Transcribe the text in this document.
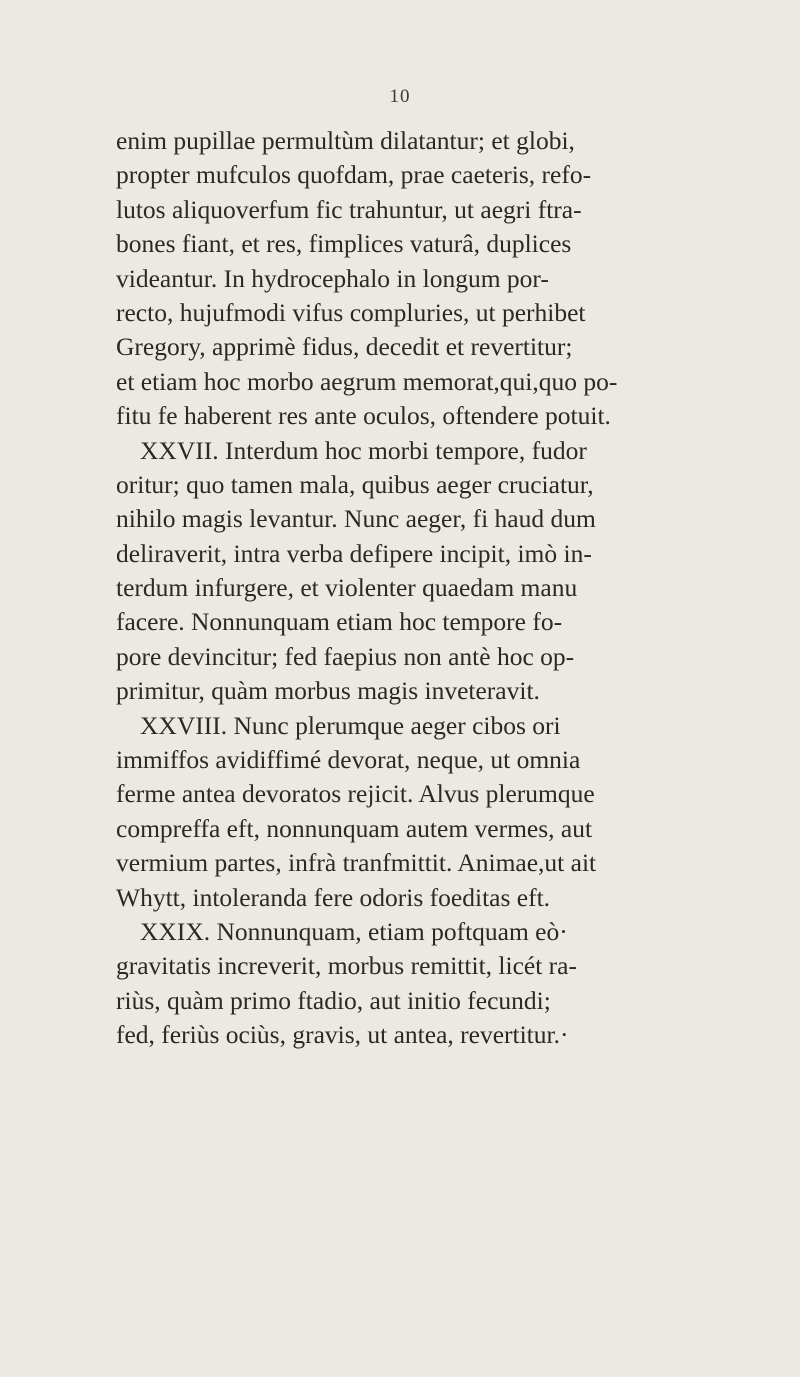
10
enim pupillae permultùm dilatantur; et globi,
propter mufculos quofdam, prae caeteris, refo-
lutos aliquoverfum fic trahuntur, ut aegri ftra-
bones fiant, et res, fimplices vaturâ, duplices
videantur. In hydrocephalo in longum por-
recto, hujufmodi vifus compluries, ut perhibet
Gregory, apprimè fidus, decedit et revertitur;
et etiam hoc morbo aegrum memorat,qui,quo po-
fitu fe haberent res ante oculos, oftendere potuit.
XXVII. Interdum hoc morbi tempore, fudor
oritur; quo tamen mala, quibus aeger cruciatur,
nihilo magis levantur. Nunc aeger, fi haud dum
deliraverit, intra verba defipere incipit, imò in-
terdum infurgere, et violenter quaedam manu
facere. Nonnunquam etiam hoc tempore fo-
pore devincitur; fed faepius non antè hoc op-
primitur, quàm morbus magis inveteravit.
XXVIII. Nunc plerumque aeger cibos ori
immiffos avidiffimé devorat, neque, ut omnia
ferme antea devoratos rejicit. Alvus plerumque
compreffa eft, nonnunquam autem vermes, aut
vermium partes, infrà tranfmittit. Animae,ut ait
Whytt, intoleranda fere odoris foeditas eft.
XXIX. Nonnunquam, etiam poftquam eò·
gravitatis increverit, morbus remittit, licét ra-
riùs, quàm primo ftadio, aut initio fecundi;
fed, feriùs ociùs, gravis, ut antea, revertitur.·
